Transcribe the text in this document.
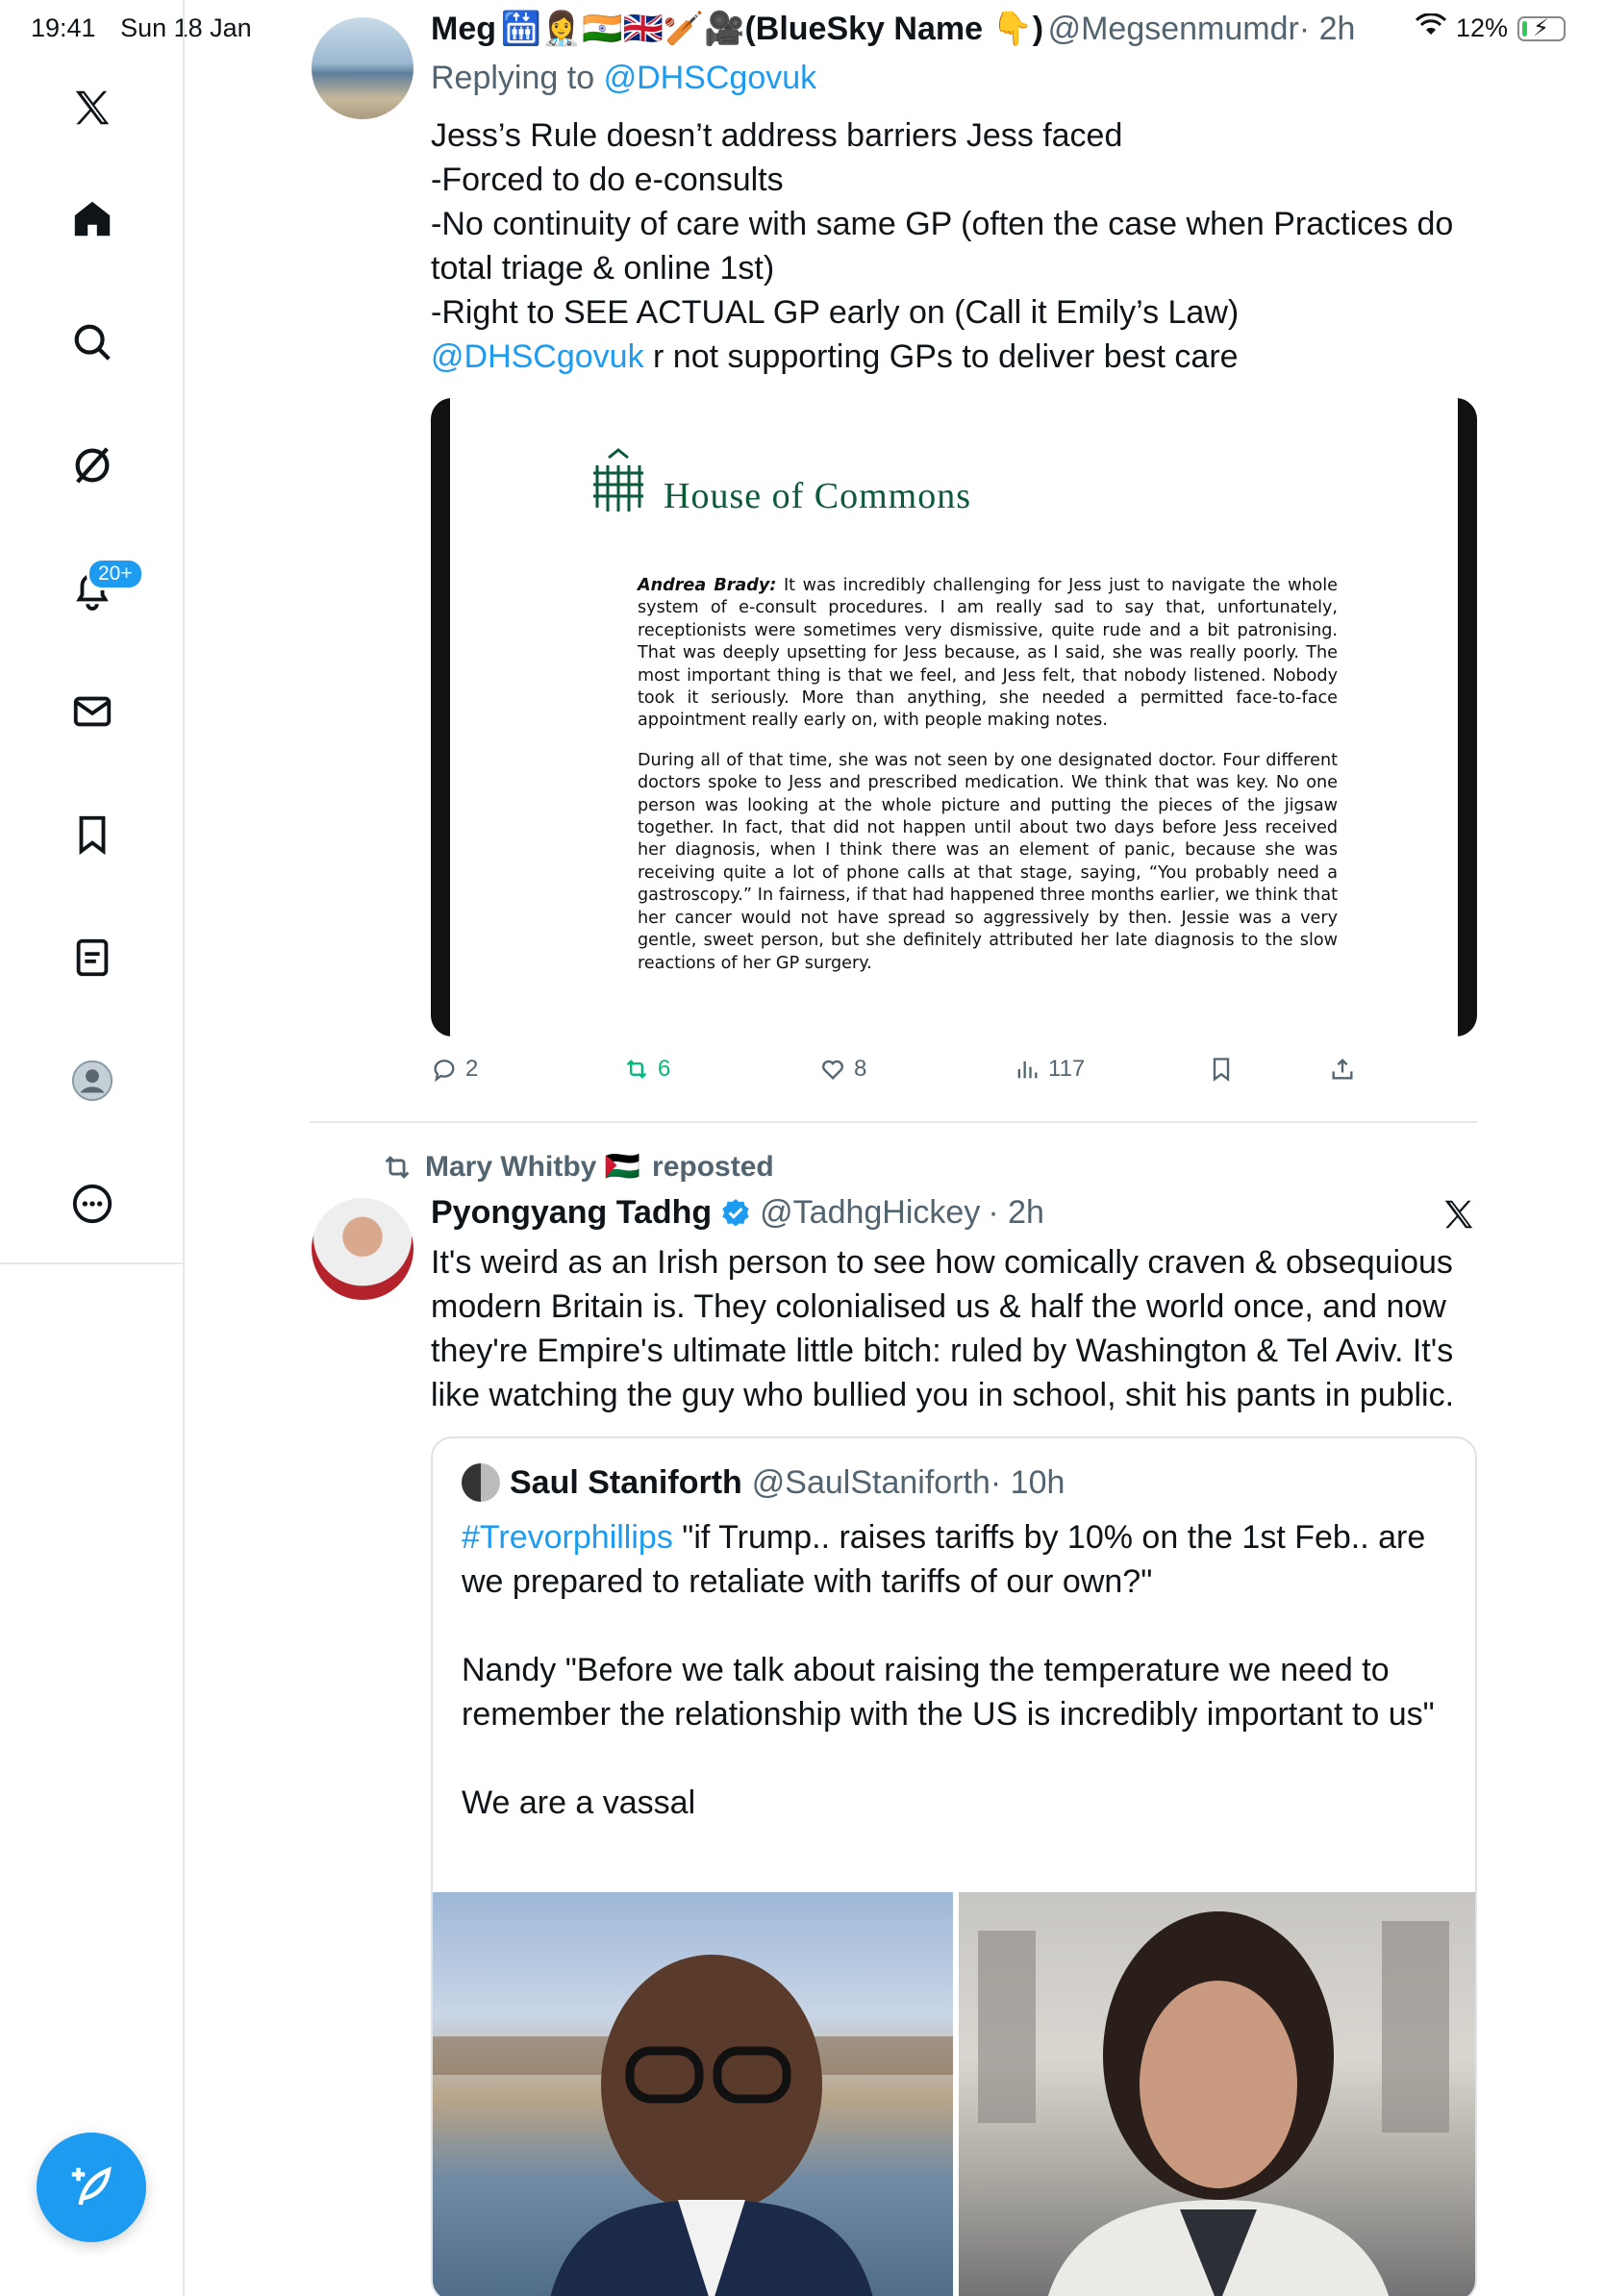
19:41 Sun 18 Jan	12% ⚡
20+
Meg 🛗👩‍⚕️🇮🇳🇬🇧🏏🎥(BlueSky Name 👇) @Megsenmumdr· 2h
Replying to @DHSCgovuk
Jess’s Rule doesn’t address barriers Jess faced
-Forced to do e-consults
-No continuity of care with same GP (often the case when Practices do
total triage & online 1st)
-Right to SEE ACTUAL GP early on (Call it Emily’s Law)
@DHSCgovuk r not supporting GPs to deliver best care
House of Commons

Andrea Brady: It was incredibly challenging for Jess just to navigate the whole system of e-consult procedures. I am really sad to say that, unfortunately, receptionists were sometimes very dismissive, quite rude and a bit patronising. That was deeply upsetting for Jess because, as I said, she was really poorly. The most important thing is that we feel, and Jess felt, that nobody listened. Nobody took it seriously. More than anything, she needed a permitted face-to-face appointment really early on, with people making notes.

During all of that time, she was not seen by one designated doctor. Four different doctors spoke to Jess and prescribed medication. We think that was key. No one person was looking at the whole picture and putting the pieces of the jigsaw together. In fact, that did not happen until about two days before Jess received her diagnosis, when I think there was an element of panic, because she was receiving quite a lot of phone calls at that stage, saying, “You probably need a gastroscopy.” In fairness, if that had happened three months earlier, we think that her cancer would not have spread so aggressively by then. Jessie was a very gentle, sweet person, but she definitely attributed her late diagnosis to the slow reactions of her GP surgery.

2	6	8	117
Mary Whitby 🇵🇸 reposted
Pyongyang Tadhg @TadhgHickey · 2h
It's weird as an Irish person to see how comically craven & obsequious modern Britain is. They colonialised us & half the world once, and now they're Empire's ultimate little bitch: ruled by Washington & Tel Aviv. It's like watching the guy who bullied you in school, shit his pants in public.
Saul Staniforth @SaulStaniforth· 10h
#Trevorphillips "if Trump.. raises tariffs by 10% on the 1st Feb.. are we prepared to retaliate with tariffs of our own?"
Nandy "Before we talk about raising the temperature we need to remember the relationship with the US is incredibly important to us"
We are a vassal
